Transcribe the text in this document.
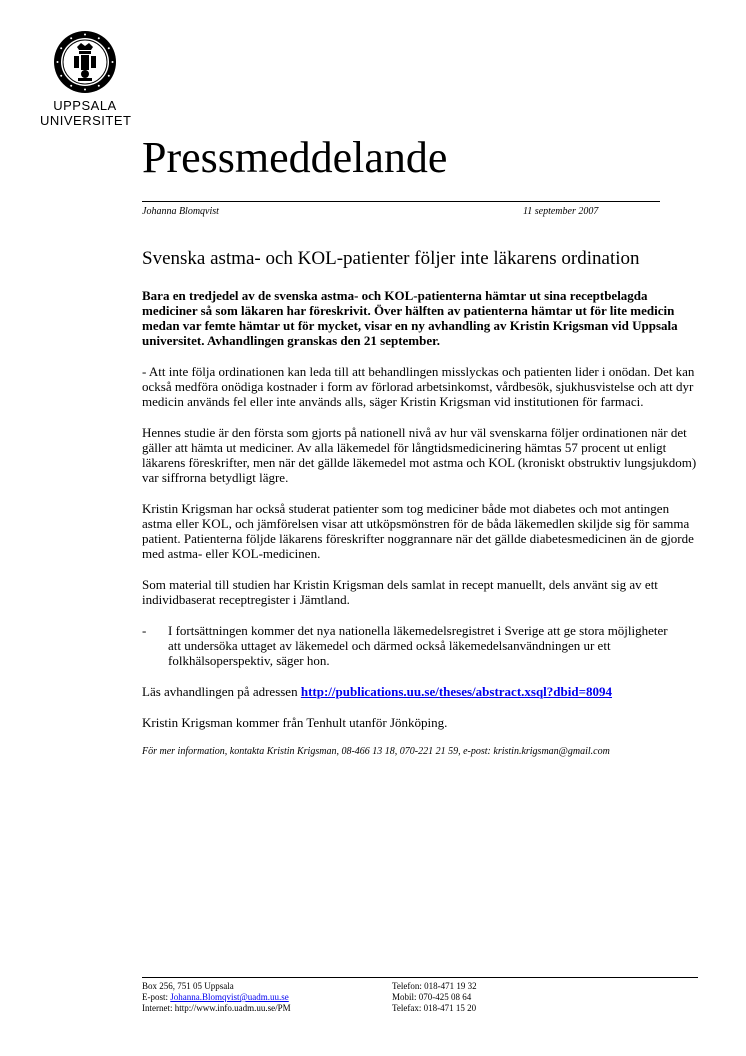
UPPSALA
UNIVERSITET
Pressmeddelande
Johanna Blomqvist	11 september 2007
Svenska astma- och KOL-patienter följer inte läkarens ordination

Bara en tredjedel av de svenska astma- och KOL-patienterna hämtar ut sina receptbelagda mediciner så som läkaren har föreskrivit. Över hälften av patienterna hämtar ut för lite medicin medan var femte hämtar ut för mycket, visar en ny avhandling av Kristin Krigsman vid Uppsala universitet. Avhandlingen granskas den 21 september.

- Att inte följa ordinationen kan leda till att behandlingen misslyckas och patienten lider i onödan. Det kan också medföra onödiga kostnader i form av förlorad arbetsinkomst, vårdbesök, sjukhusvistelse och att dyr medicin används fel eller inte används alls, säger Kristin Krigsman vid institutionen för farmaci.

Hennes studie är den första som gjorts på nationell nivå av hur väl svenskarna följer ordinationen när det gäller att hämta ut mediciner. Av alla läkemedel för långtidsmedicinering hämtas 57 procent ut enligt läkarens föreskrifter, men när det gällde läkemedel mot astma och KOL (kroniskt obstruktiv lungsjukdom) var siffrorna betydligt lägre.

Kristin Krigsman har också studerat patienter som tog mediciner både mot diabetes och mot antingen astma eller KOL, och jämförelsen visar att utköpsmönstren för de båda läkemedlen skiljde sig för samma patient. Patienterna följde läkarens föreskrifter noggrannare när det gällde diabetesmedicinen än de gjorde med astma- eller KOL-medicinen.

Som material till studien har Kristin Krigsman dels samlat in recept manuellt, dels använt sig av ett individbaserat receptregister i Jämtland.

-	I fortsättningen kommer det nya nationella läkemedelsregistret i Sverige att ge stora möjligheter att undersöka uttaget av läkemedel och därmed också läkemedelsanvändningen ur ett folkhälsoperspektiv, säger hon.

Läs avhandlingen på adressen http://publications.uu.se/theses/abstract.xsql?dbid=8094

Kristin Krigsman kommer från Tenhult utanför Jönköping.

För mer information, kontakta Kristin Krigsman, 08-466 13 18, 070-221 21 59, e-post: kristin.krigsman@gmail.com

Box 256, 751 05 Uppsala
E-post: Johanna.Blomqvist@uadm.uu.se
Internet: http://www.info.uadm.uu.se/PM
Telefon: 018-471 19 32
Mobil: 070-425 08 64
Telefax: 018-471 15 20
